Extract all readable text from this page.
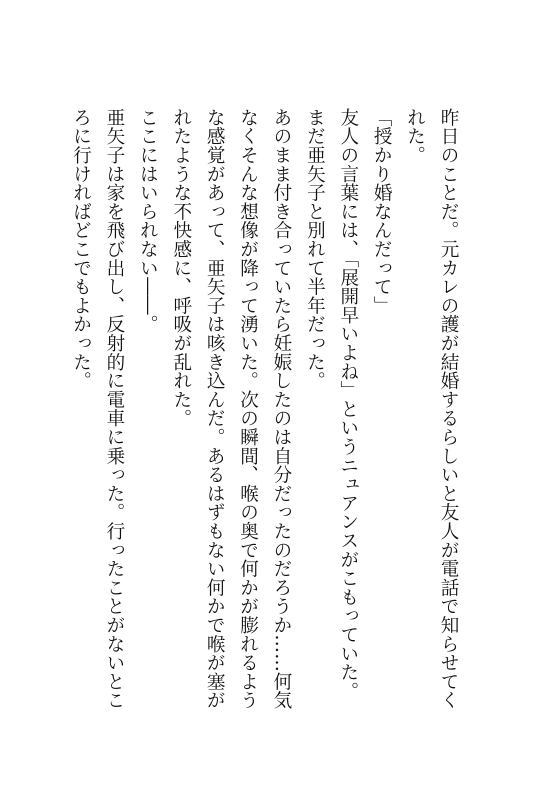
昨日のことだ。元カレの護が結婚するらしいと友人が電話で知らせてくれた。

「授かり婚なんだって」

友人の言葉には、「展開早いよね」というニュアンスがこもっていた。

まだ亜矢子と別れて半年だった。

あのまま付き合っていたら妊娠したのは自分だったのだろうか……何気なくそんな想像が降って湧いた。次の瞬間、喉の奥で何かが膨れるような感覚があって、亜矢子は咳き込んだ。あるはずもない何かで喉が塞がれたような不快感に、呼吸が乱れた。

ここにはいられない――。

亜矢子は家を飛び出し、反射的に電車に乗った。行ったことがないところに行ければどこでもよかった。
